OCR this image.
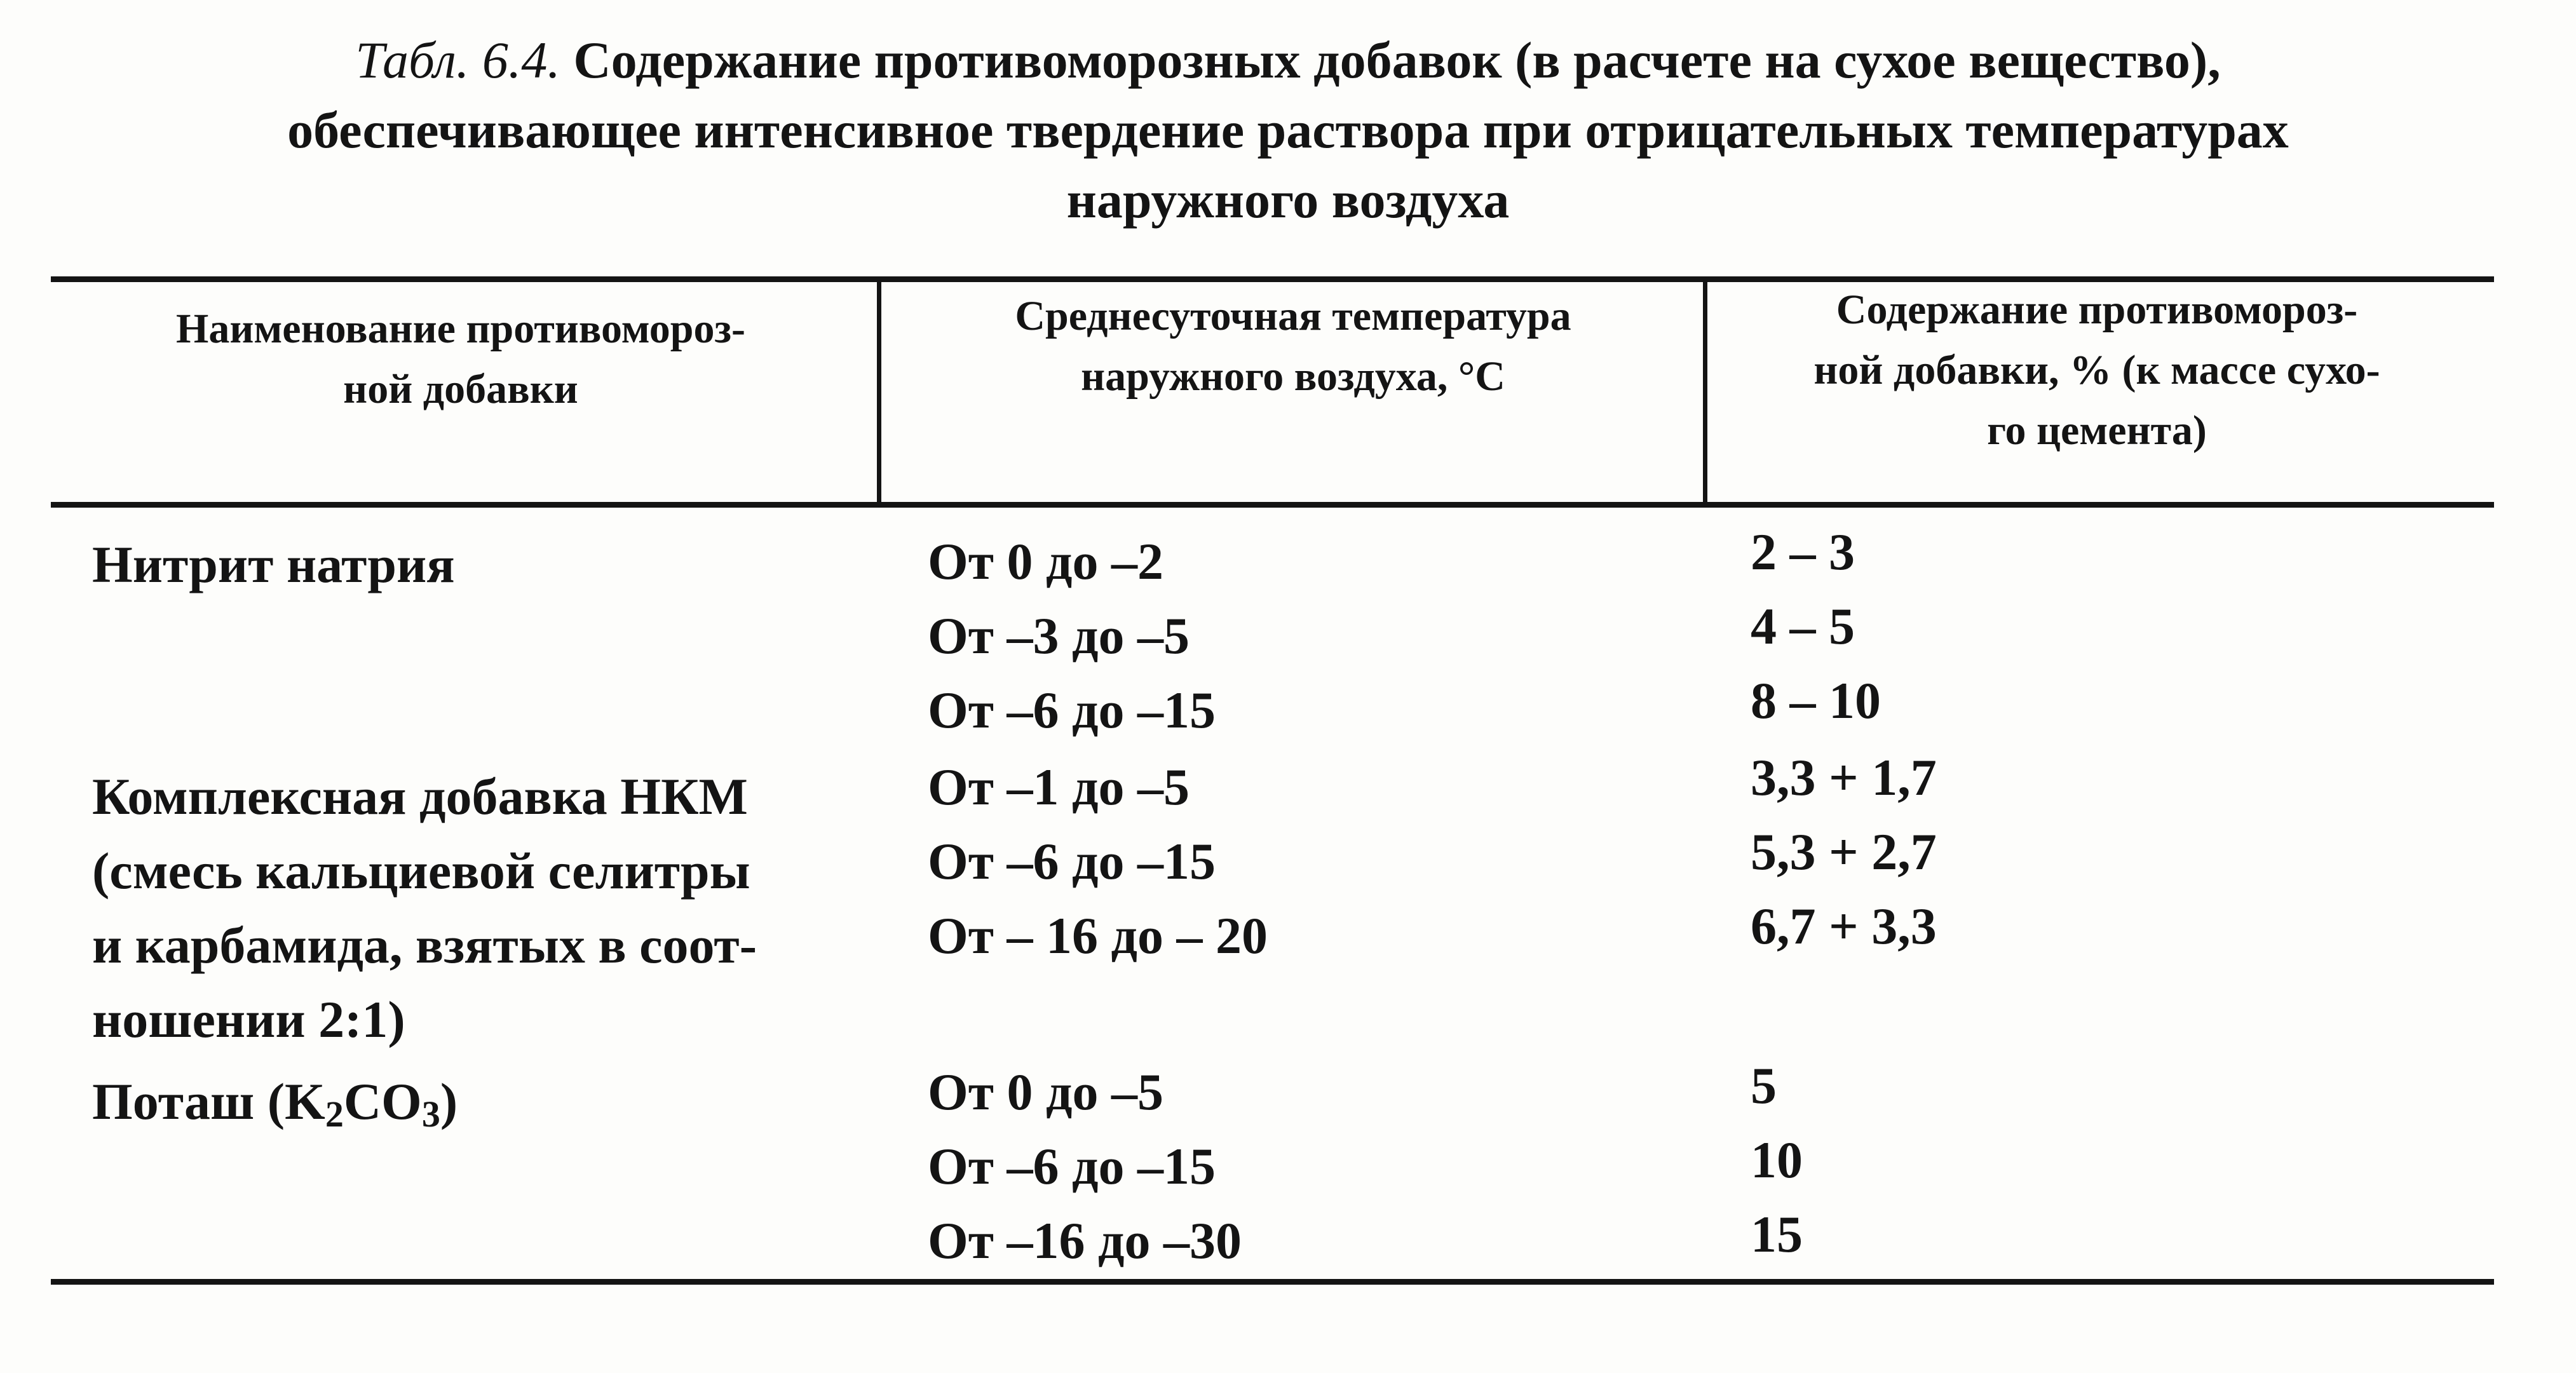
Табл. 6.4. Содержание противоморозных добавок (в расчете на сухое вещество),
обеспечивающее интенсивное твердение раствора при отрицательных температурах
наружного воздуха
Наименование противомороз-
ной добавки
Среднесуточная температура
наружного воздуха, °С
Содержание противомороз-
ной добавки, % (к массе сухо-
го цемента)
Нитрит натрия	От 0 до –2
От –3 до –5
От –6 до –15
2 – 3
4 – 5
8 – 10
Комплексная добавка НКМ
(смесь кальциевой селитры
и карбамида, взятых в соот-
ношении 2:1)
От –1 до –5
От –6 до –15
От – 16 до – 20
3,3 + 1,7
5,3 + 2,7
6,7 + 3,3
Поташ $(K_2CO_3)$	От 0 до –5
От –6 до –15
От –16 до –30
5
10
15
